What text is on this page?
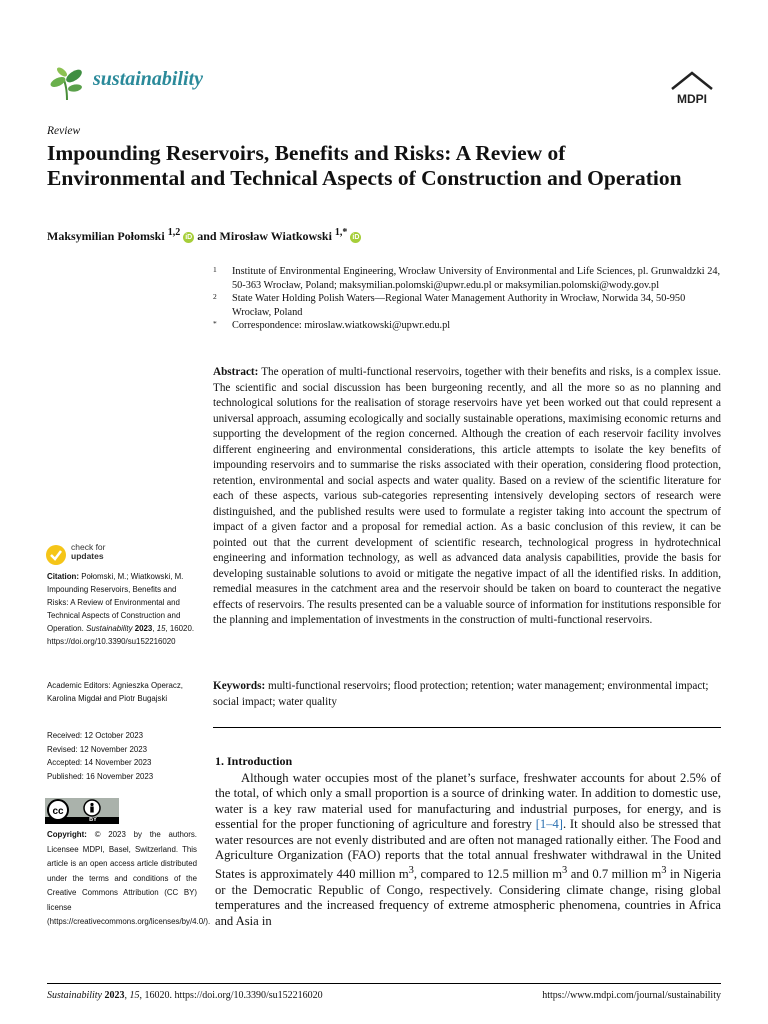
sustainability
MDPI
Review
Impounding Reservoirs, Benefits and Risks: A Review of Environmental and Technical Aspects of Construction and Operation
Maksymilian Połomski $^{1,2}$ iD and Mirosław Wiatkowski $^{1,*}$ iD
1 Institute of Environmental Engineering, Wrocław University of Environmental and Life Sciences, pl. Grunwaldzki 24, 50-363 Wrocław, Poland; maksymilian.polomski@upwr.edu.pl or maksymilian.polomski@wody.gov.pl
2 State Water Holding Polish Waters—Regional Water Management Authority in Wrocław, Norwida 34, 50-950 Wrocław, Poland
* Correspondence: miroslaw.wiatkowski@upwr.edu.pl
Abstract: The operation of multi-functional reservoirs, together with their benefits and risks, is a complex issue. The scientific and social discussion has been burgeoning recently, and all the more so as no planning and technological solutions for the realisation of storage reservoirs have yet been worked out that could represent a universal approach, assuming ecologically and socially sustainable operations, maximising economic returns and supporting the development of the region concerned. Although the creation of each reservoir facility involves different engineering and environmental considerations, this article attempts to isolate the key benefits of impounding reservoirs and to summarise the risks associated with their operation, considering flood protection, retention, environmental and social aspects and water quality. Based on a review of the scientific literature for each of these aspects, various sub-categories representing intensively developing sectors of research were distinguished, and the published results were used to formulate a register taking into account the spectrum of impact of a given factor and a proposal for remedial action. As a basic conclusion of this review, it can be pointed out that the current development of scientific research, technological progress in hydrotechnical engineering and information technology, as well as advanced data analysis capabilities, provide the basis for developing sustainable solutions to avoid or mitigate the negative impact of all the identified risks. In addition, remedial measures in the catchment area and the reservoir should be taken on board to counteract the negative effects of reservoirs. The results presented can be a valuable source of information for institutions responsible for the planning and implementation of investments in the construction of multi-functional reservoirs.
Keywords: multi-functional reservoirs; flood protection; retention; water management; environmental impact; social impact; water quality
1. Introduction
Although water occupies most of the planet’s surface, freshwater accounts for about 2.5% of the total, of which only a small proportion is a source of drinking water. In addition to domestic use, water is a key raw material used for manufacturing and industrial purposes, for energy, and is essential for the proper functioning of agriculture and forestry [1–4]. It should also be stressed that water resources are not evenly distributed and are often not managed rationally either. The Food and Agriculture Organization (FAO) reports that the total annual freshwater withdrawal in the United States is approximately 440 million $m^3$, compared to 12.5 million $m^3$ and 0.7 million $m^3$ in Nigeria or the Democratic Republic of Congo, respectively. Considering climate change, rising global temperatures and the increased frequency of extreme atmospheric phenomena, countries in Africa and Asia in
check for
updates
Citation: Połomski, M.; Wiatkowski, M. Impounding Reservoirs, Benefits and Risks: A Review of Environmental and Technical Aspects of Construction and Operation. Sustainability 2023, 15, 16020. https://doi.org/10.3390/su152216020
Academic Editors: Agnieszka Operacz, Karolina Migdał and Piotr Bugajski
Received: 12 October 2023
Revised: 12 November 2023
Accepted: 14 November 2023
Published: 16 November 2023
cc
BY
Copyright: © 2023 by the authors. Licensee MDPI, Basel, Switzerland. This article is an open access article distributed under the terms and conditions of the Creative Commons Attribution (CC BY) license (https://creativecommons.org/licenses/by/4.0/).
Sustainability 2023, 15, 16020. https://doi.org/10.3390/su152216020	https://www.mdpi.com/journal/sustainability
